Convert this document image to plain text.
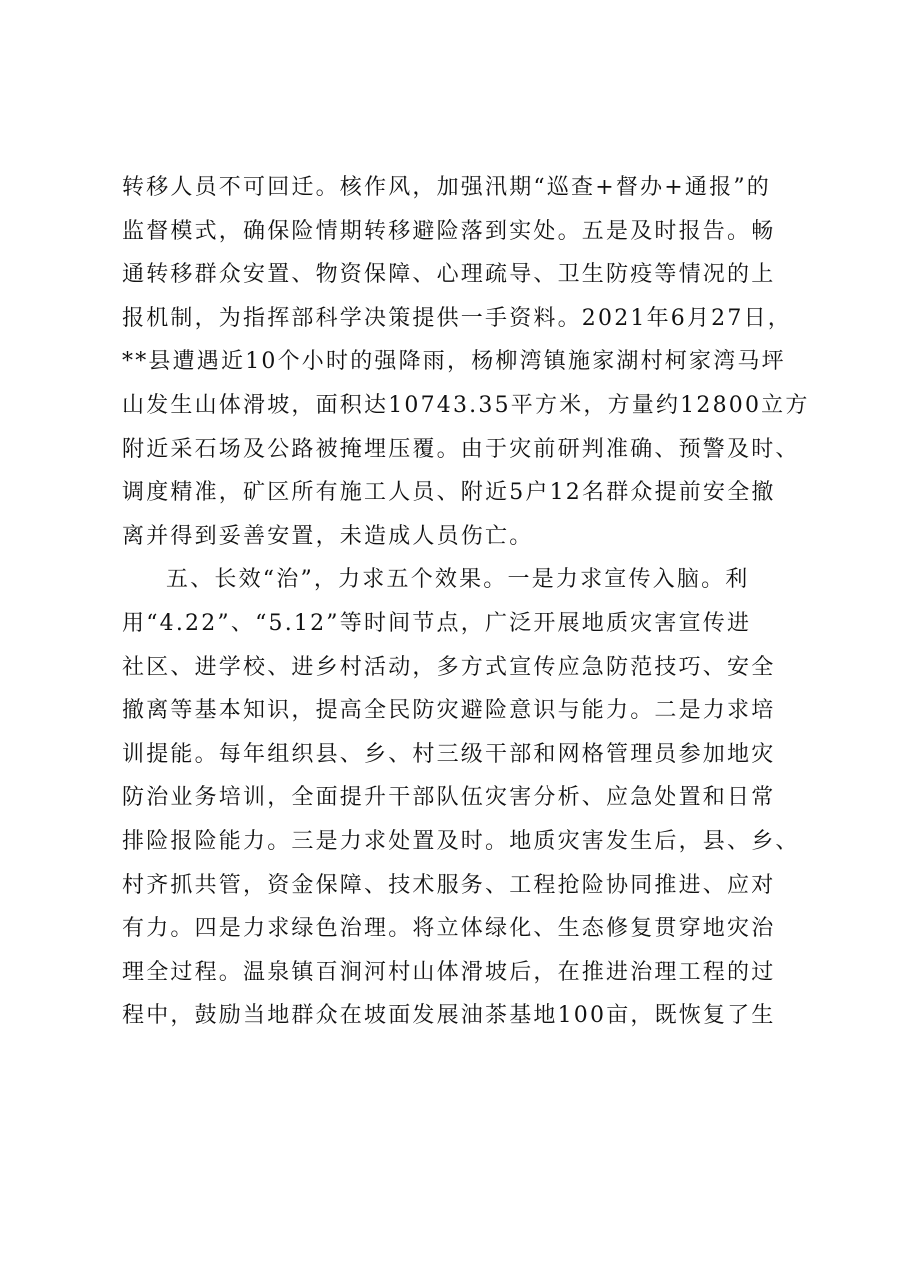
转移人员不可回迁。核作风，加强汛期“巡查+督办+通报”的
监督模式，确保险情期转移避险落到实处。五是及时报告。畅
通转移群众安置、物资保障、心理疏导、卫生防疫等情况的上
报机制，为指挥部科学决策提供一手资料。2021年6月27日，
**县遭遇近10个小时的强降雨，杨柳湾镇施家湖村柯家湾马坪
山发生山体滑坡，面积达10743.35平方米，方量约12800立方
附近采石场及公路被掩埋压覆。由于灾前研判准确、预警及时、
调度精准，矿区所有施工人员、附近5户12名群众提前安全撤
离并得到妥善安置，未造成人员伤亡。
五、长效“治”，力求五个效果。一是力求宣传入脑。利
用“4.22”、“5.12”等时间节点，广泛开展地质灾害宣传进
社区、进学校、进乡村活动，多方式宣传应急防范技巧、安全
撤离等基本知识，提高全民防灾避险意识与能力。二是力求培
训提能。每年组织县、乡、村三级干部和网格管理员参加地灾
防治业务培训，全面提升干部队伍灾害分析、应急处置和日常
排险报险能力。三是力求处置及时。地质灾害发生后，县、乡、
村齐抓共管，资金保障、技术服务、工程抢险协同推进、应对
有力。四是力求绿色治理。将立体绿化、生态修复贯穿地灾治
理全过程。温泉镇百涧河村山体滑坡后，在推进治理工程的过
程中，鼓励当地群众在坡面发展油茶基地100亩，既恢复了生
